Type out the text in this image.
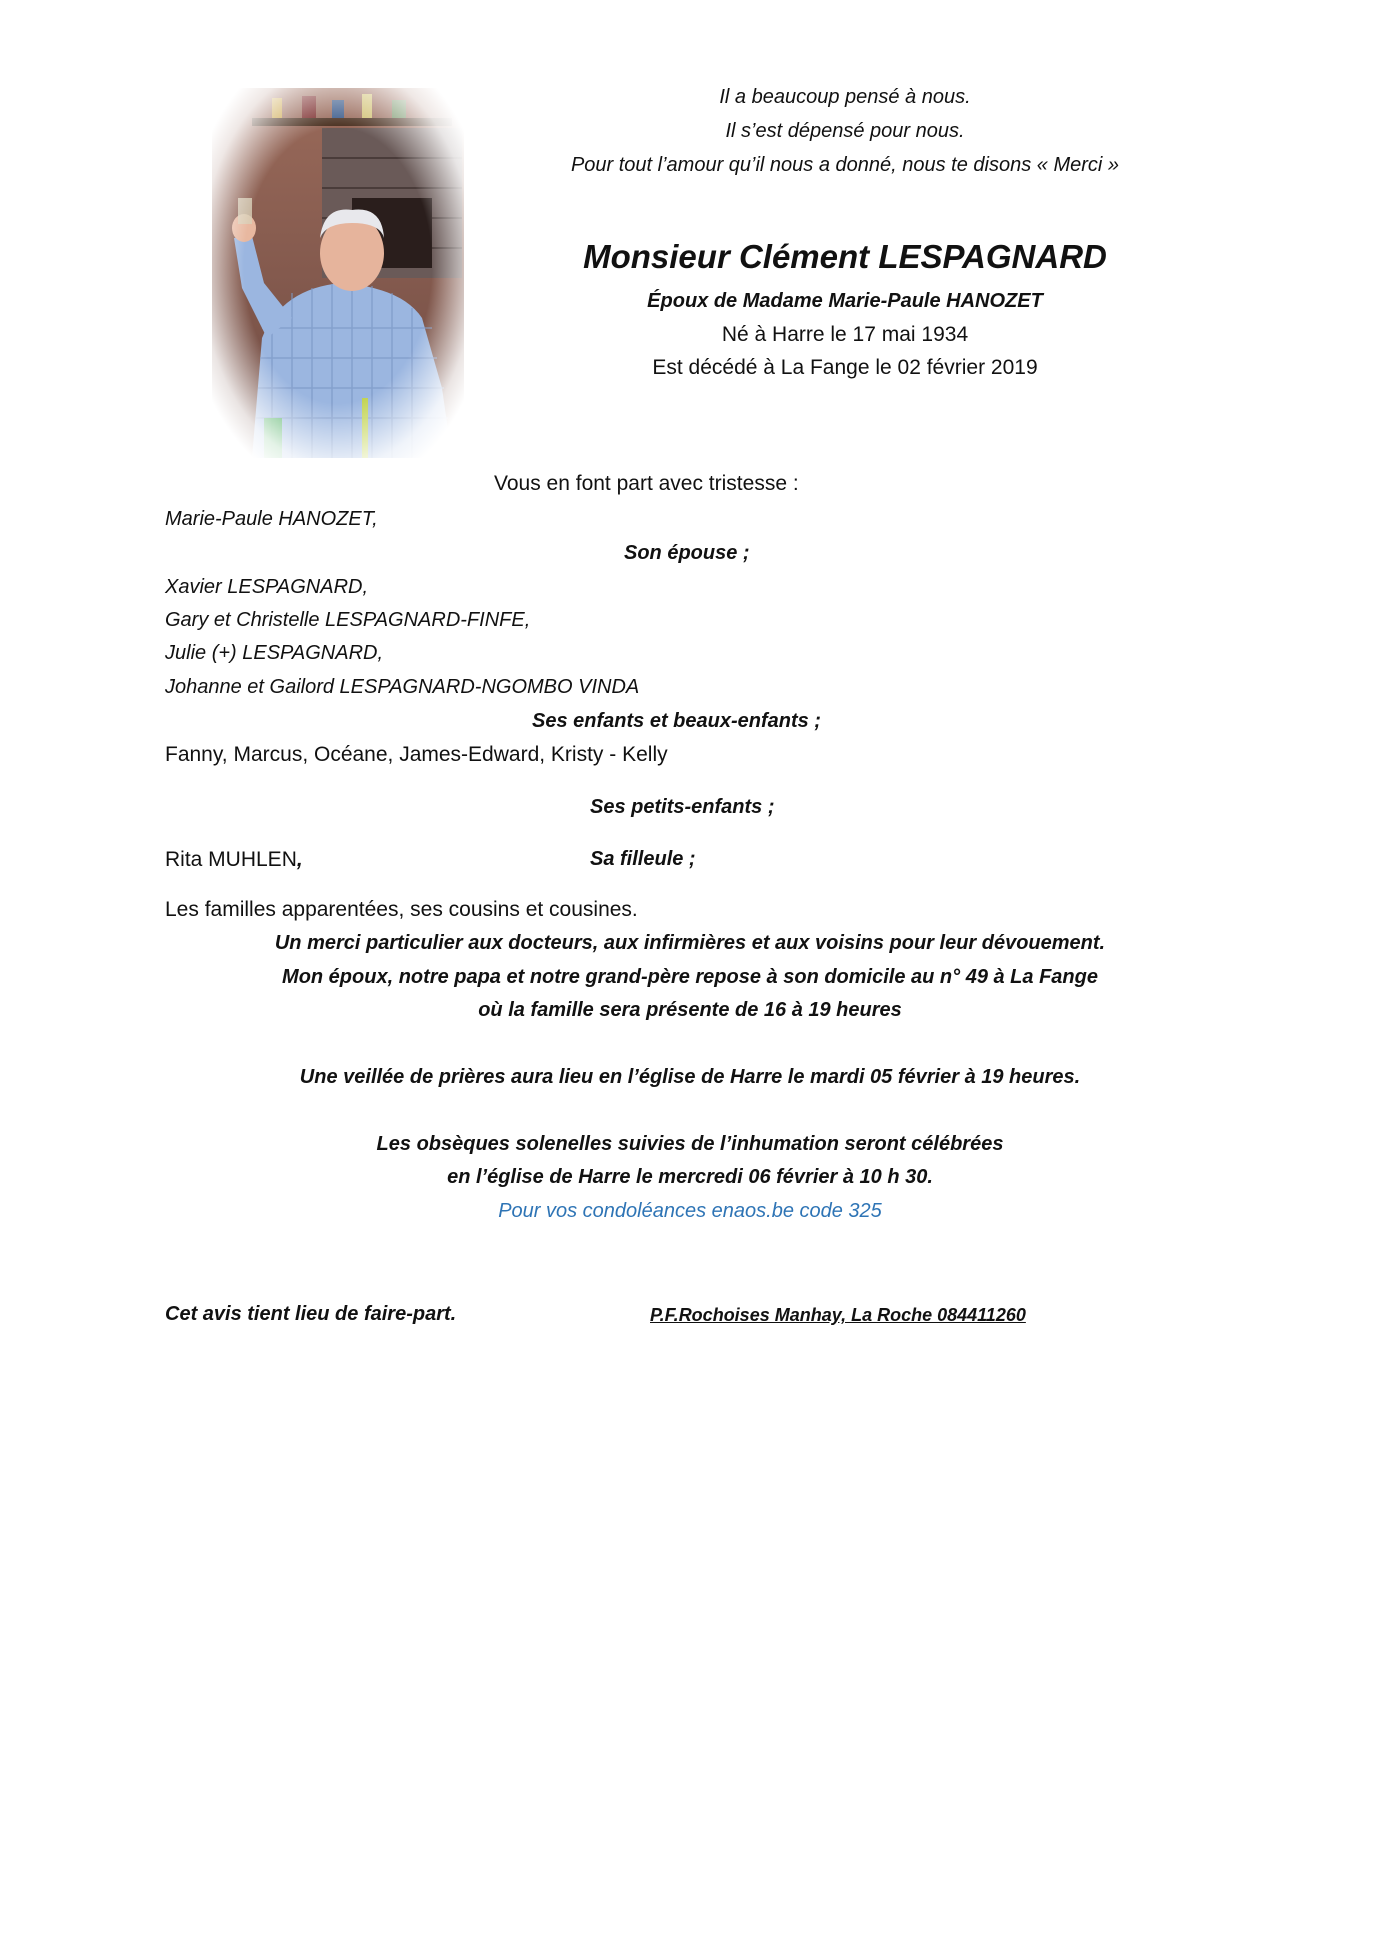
Il a beaucoup pensé à nous.
Il s’est dépensé pour nous.
Pour tout l’amour qu’il nous a donné, nous te disons « Merci »
Monsieur Clément LESPAGNARD
Époux de Madame Marie-Paule HANOZET
Né à Harre le 17 mai 1934
Est décédé à La Fange le 02 février 2019
Vous en font part avec tristesse :
Marie-Paule HANOZET,
Son épouse ;
Xavier LESPAGNARD,
Gary et Christelle LESPAGNARD-FINFE,
Julie (+) LESPAGNARD,
Johanne et Gailord LESPAGNARD-NGOMBO VINDA
Ses enfants et beaux-enfants ;
Fanny, Marcus, Océane, James-Edward, Kristy - Kelly
Ses petits-enfants ;
Rita MUHLEN,	Sa filleule ;
Les familles apparentées, ses cousins et cousines.
Un merci particulier aux docteurs, aux infirmières et aux voisins pour leur dévouement.
Mon époux, notre papa et notre grand-père repose à son domicile au n° 49 à La Fange
où la famille sera présente de 16 à 19 heures
Une veillée de prières aura lieu en l’église de Harre le mardi 05 février à 19 heures.
Les obsèques solenelles suivies de l’inhumation seront célébrées
en l’église de Harre le mercredi 06 février à 10 h 30.
Pour vos condoléances enaos.be code 325
Cet avis tient lieu de faire-part.	P.F.Rochoises Manhay, La Roche 084411260
